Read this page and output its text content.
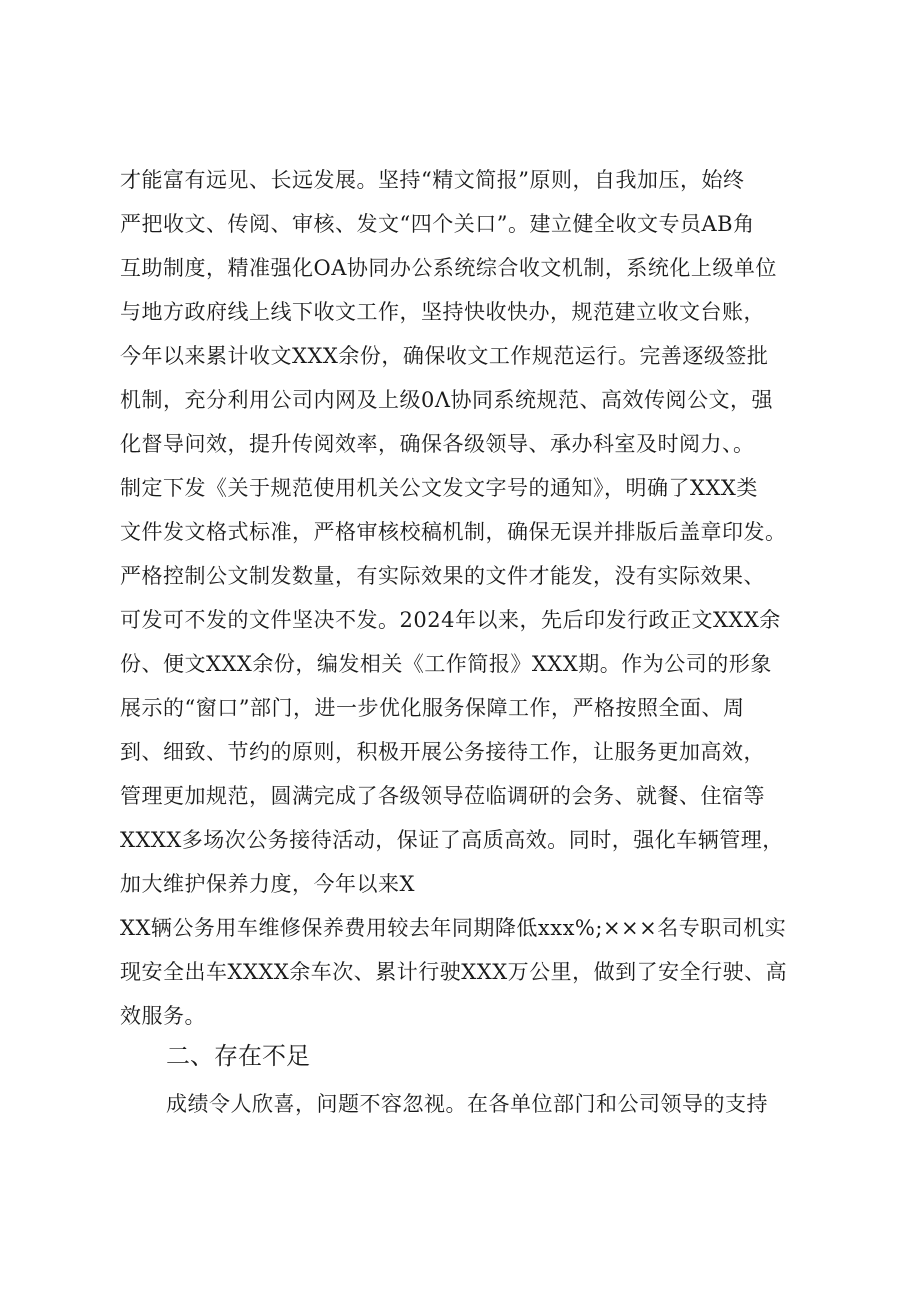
才能富有远见、长远发展。坚持“精文简报”原则，自我加压，始终
严把收文、传阅、审核、发文“四个关口”。建立健全收文专员AB角
互助制度，精准强化OA协同办公系统综合收文机制，系统化上级单位
与地方政府线上线下收文工作，坚持快收快办，规范建立收文台账，
今年以来累计收文XXX余份，确保收文工作规范运行。完善逐级签批
机制，充分利用公司内网及上级0Λ协同系统规范、高效传阅公文，强
化督导问效，提升传阅效率，确保各级领导、承办科室及时阅力、。
制定下发《关于规范使用机关公文发文字号的通知》，明确了XXX类
文件发文格式标准，严格审核校稿机制，确保无误并排版后盖章印发。
严格控制公文制发数量，有实际效果的文件才能发，没有实际效果、
可发可不发的文件坚决不发。2024年以来，先后印发行政正文XXX余
份、便文XXX余份，编发相关《工作简报》XXX期。作为公司的形象
展示的“窗口”部门，进一步优化服务保障工作，严格按照全面、周
到、细致、节约的原则，积极开展公务接待工作，让服务更加高效，
管理更加规范，圆满完成了各级领导莅临调研的会务、就餐、住宿等
XXXX多场次公务接待活动，保证了高质高效。同时，强化车辆管理，
加大维护保养力度，今年以来X
XX辆公务用车维修保养费用较去年同期降低xxx%;×××名专职司机实
现安全出车XXXX余车次、累计行驶XXX万公里，做到了安全行驶、高
效服务。
二、存在不足
成绩令人欣喜，问题不容忽视。在各单位部门和公司领导的支持
